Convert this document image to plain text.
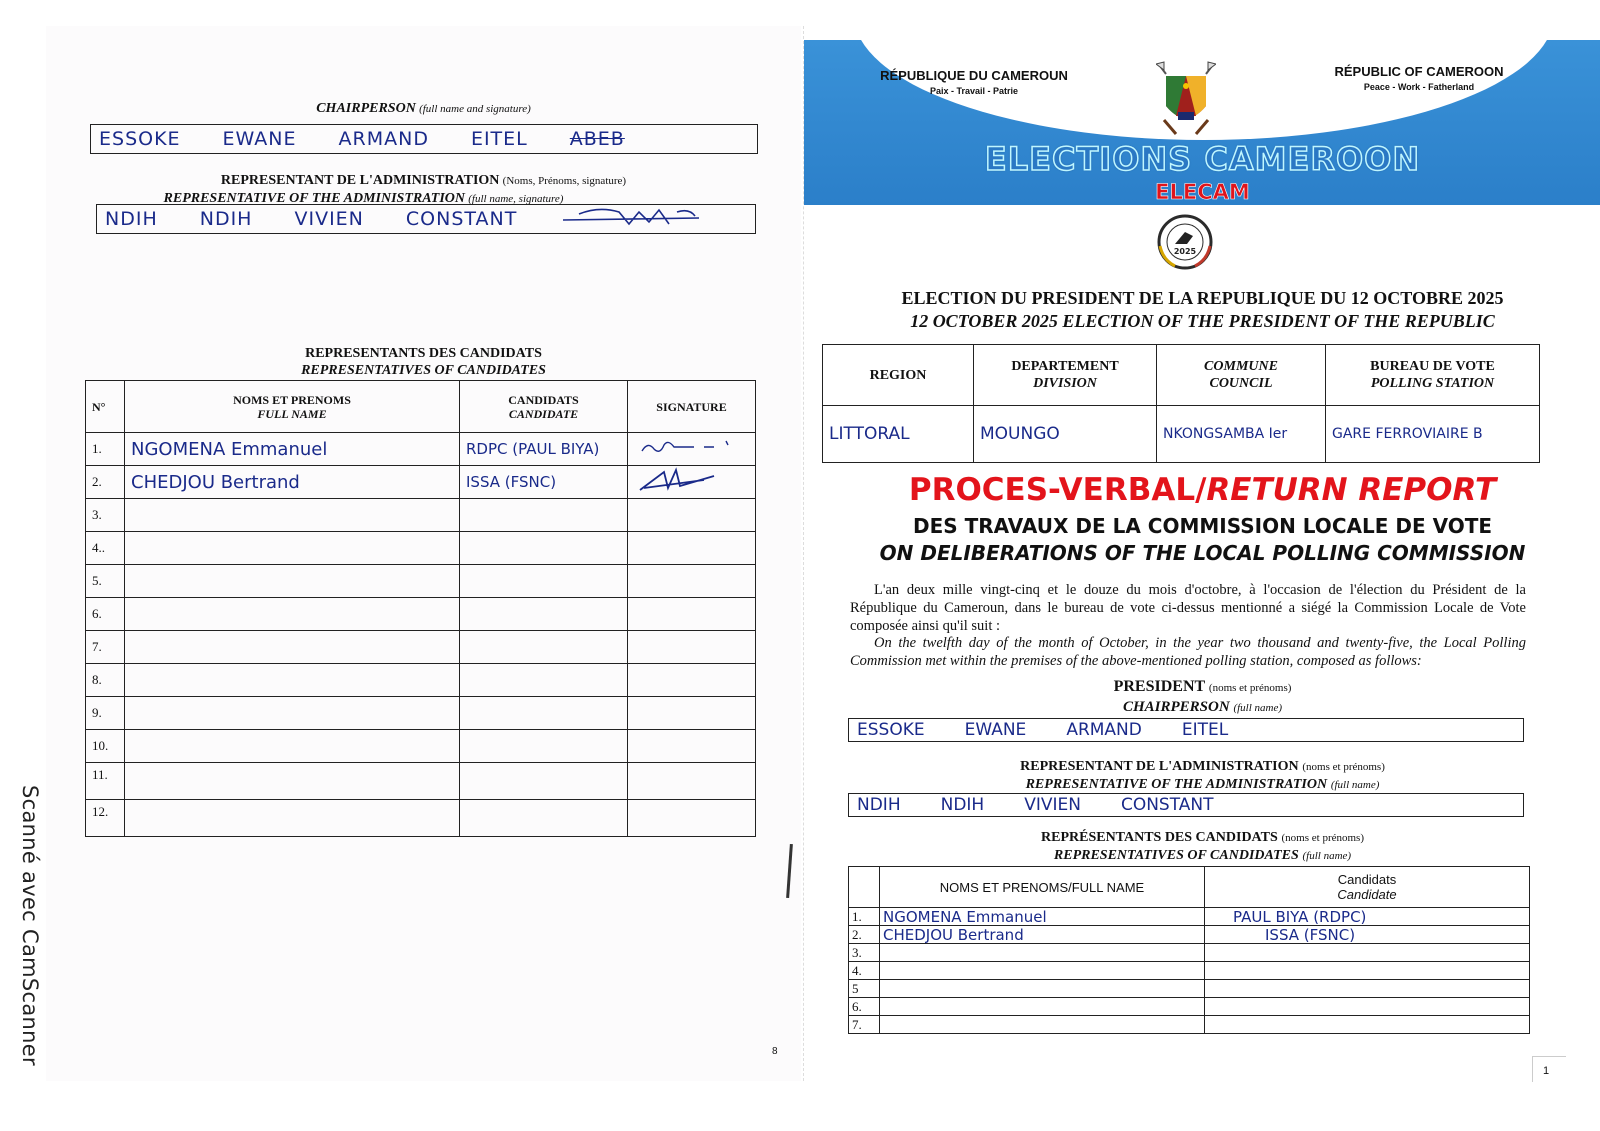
Scanné avec CamScanner
CHAIRPERSON (full name and signature)
ESSOKE EWANE ARMAND EITEL ABEB
REPRESENTANT DE L'ADMINISTRATION (Noms, Prénoms, signature)
REPRESENTATIVE OF THE ADMINISTRATION (full name, signature)
NDIH NDIH VIVIEN CONSTANT
REPRESENTANTS DES CANDIDATS
REPRESENTATIVES OF CANDIDATES
N°	NOMS ET PRENOMS
FULL NAME

CANDIDATS
CANDIDATE	SIGNATURE
1.	NGOMENA Emmanuel	RDPC (PAUL BIYA)	
2.	CHEDJOU Bertrand	ISSA (FSNC)	
3.			
4..			
5.			
6.			
7.			
8.			
9.			
10.			
11.			
12.			
8
RÉPUBLIQUE DU CAMEROUN
Paix - Travail - Patrie
RÉPUBLIC OF CAMEROON
Peace - Work - Fatherland
ELECTIONS CAMEROON
ELECAM
2025
ELECTION DU PRESIDENT DE LA REPUBLIQUE DU 12 OCTOBRE 2025
12 OCTOBER 2025 ELECTION OF THE PRESIDENT OF THE REPUBLIC
REGION

DEPARTEMENT
DIVISION

COMMUNE
COUNCIL

BUREAU DE VOTE
POLLING STATION

LITTORAL	MOUNGO	NKONGSAMBA Ier	GARE FERROVIAIRE B
PROCES-VERBAL/RETURN REPORT
DES TRAVAUX DE LA COMMISSION LOCALE DE VOTE
ON DELIBERATIONS OF THE LOCAL POLLING COMMISSION
L'an deux mille vingt-cinq et le douze du mois d'octobre, à l'occasion de l'élection du Président de la République du Cameroun, dans le bureau de vote ci-dessus mentionné a siégé la Commission Locale de Vote composée ainsi qu'il suit :
On the twelfth day of the month of October, in the year two thousand and twenty-five, the Local Polling Commission met within the premises of the above-mentioned polling station, composed as follows:
PRESIDENT (noms et prénoms)
CHAIRPERSON (full name)
ESSOKE EWANE ARMAND EITEL
REPRESENTANT DE L'ADMINISTRATION (noms et prénoms)
REPRESENTATIVE OF THE ADMINISTRATION (full name)
NDIH NDIH VIVIEN CONSTANT
REPRÉSENTANTS DES CANDIDATS (noms et prénoms)
REPRESENTATIVES OF CANDIDATES (full name)
	NOMS ET PRENOMS/FULL NAME	Candidats
Candidate

1.	NGOMENA Emmanuel	PAUL BIYA (RDPC)
2.	CHEDJOU Bertrand	ISSA (FSNC)
3.		
4.		
5		
6.		
7.		
1
